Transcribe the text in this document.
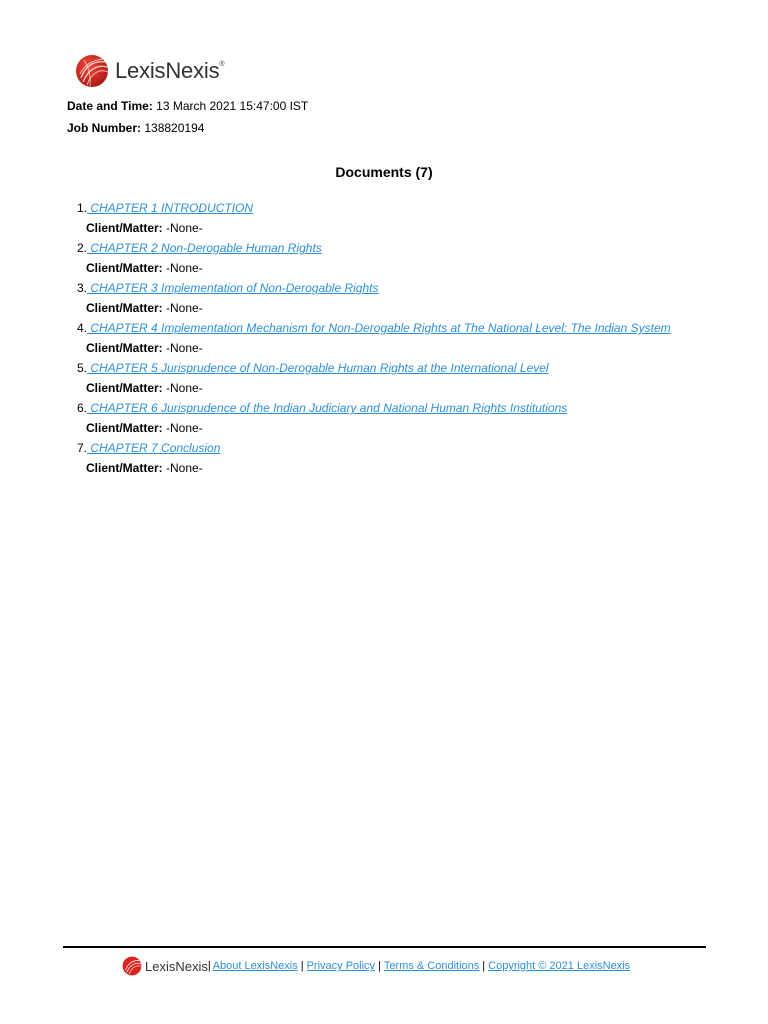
LexisNexis®
Date and Time: 13 March 2021 15:47:00 IST
Job Number: 138820194
Documents (7)
1. CHAPTER 1 INTRODUCTION
Client/Matter: -None-
2. CHAPTER 2 Non-Derogable Human Rights
Client/Matter: -None-
3. CHAPTER 3 Implementation of Non-Derogable Rights
Client/Matter: -None-
4. CHAPTER 4 Implementation Mechanism for Non-Derogable Rights at The National Level: The Indian System
Client/Matter: -None-
5. CHAPTER 5 Jurisprudence of Non-Derogable Human Rights at the International Level
Client/Matter: -None-
6. CHAPTER 6 Jurisprudence of the Indian Judiciary and National Human Rights Institutions
Client/Matter: -None-
7. CHAPTER 7 Conclusion
Client/Matter: -None-
LexisNexis | About LexisNexis | Privacy Policy | Terms & Conditions | Copyright © 2021 LexisNexis
